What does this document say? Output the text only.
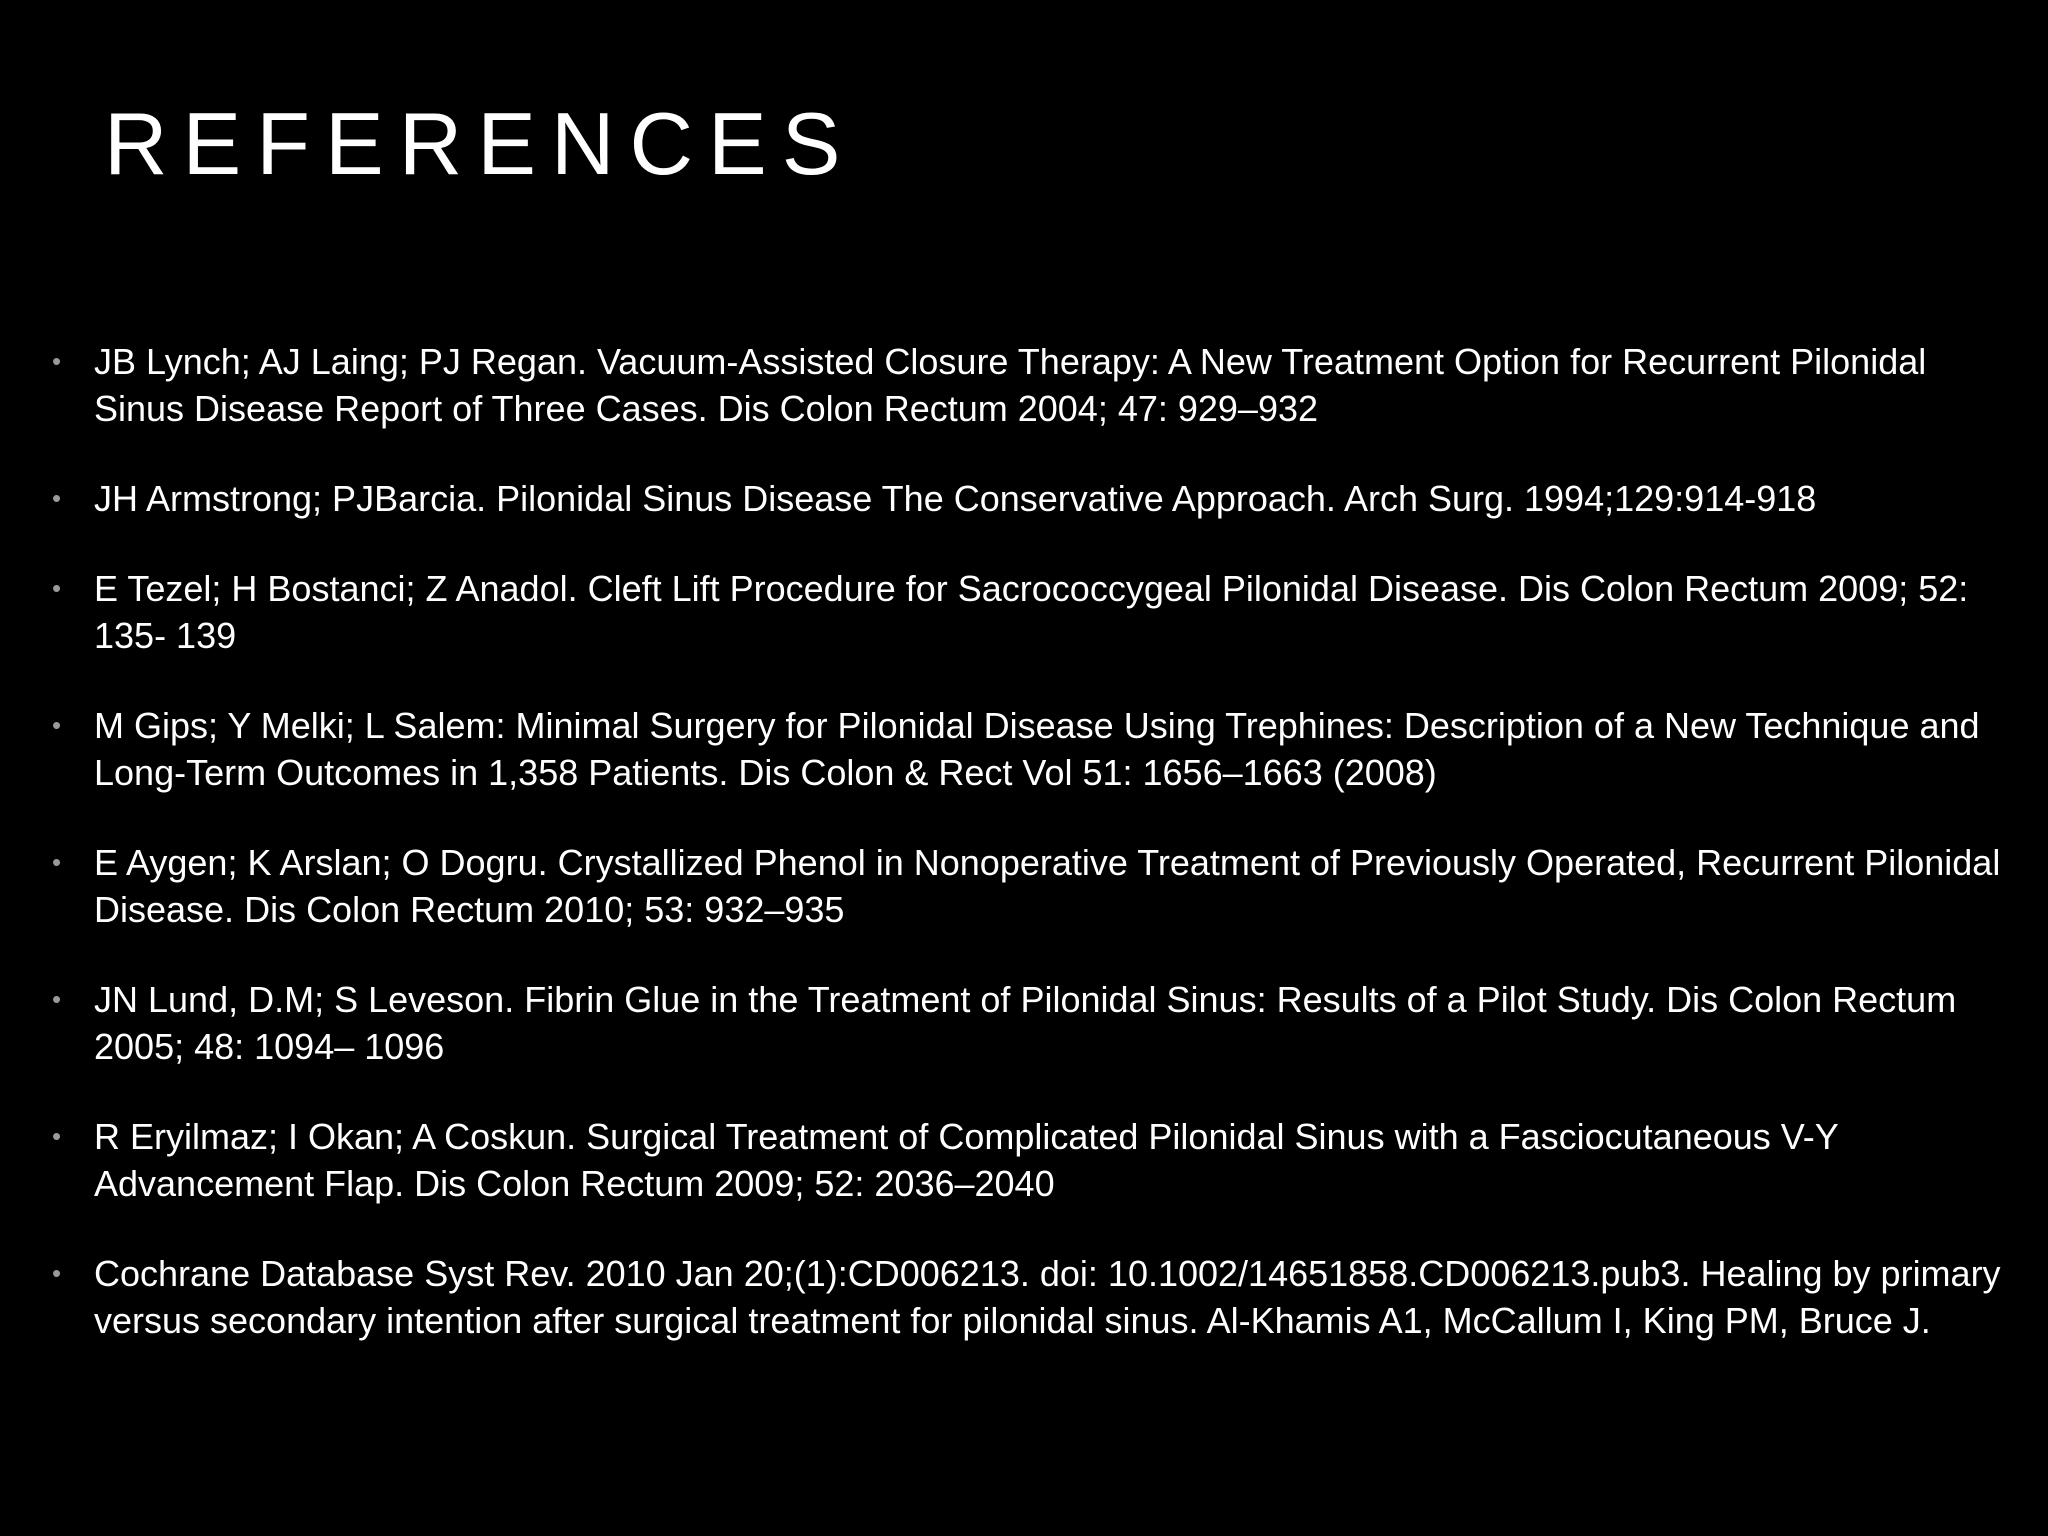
REFERENCES
• JB Lynch; AJ Laing; PJ Regan. Vacuum-Assisted Closure Therapy: A New Treatment Option for Recurrent Pilonidal Sinus Disease Report of Three Cases. Dis Colon Rectum 2004; 47: 929–932
• JH Armstrong; PJBarcia. Pilonidal Sinus Disease The Conservative Approach. Arch Surg. 1994;129:914-918
• E Tezel; H Bostanci; Z Anadol. Cleft Lift Procedure for Sacrococcygeal Pilonidal Disease. Dis Colon Rectum 2009; 52: 135- 139
• M Gips; Y Melki; L Salem: Minimal Surgery for Pilonidal Disease Using Trephines: Description of a New Technique and Long-Term Outcomes in 1,358 Patients. Dis Colon & Rect Vol 51: 1656–1663 (2008)
• E Aygen; K Arslan; O Dogru. Crystallized Phenol in Nonoperative Treatment of Previously Operated, Recurrent Pilonidal Disease. Dis Colon Rectum 2010; 53: 932–935
• JN Lund, D.M; S Leveson. Fibrin Glue in the Treatment of Pilonidal Sinus: Results of a Pilot Study. Dis Colon Rectum 2005; 48: 1094– 1096
• R Eryilmaz; I Okan; A Coskun. Surgical Treatment of Complicated Pilonidal Sinus with a Fasciocutaneous V-Y Advancement Flap. Dis Colon Rectum 2009; 52: 2036–2040
• Cochrane Database Syst Rev. 2010 Jan 20;(1):CD006213. doi: 10.1002/14651858.CD006213.pub3. Healing by primary versus secondary intention after surgical treatment for pilonidal sinus. Al-Khamis A1, McCallum I, King PM, Bruce J.
